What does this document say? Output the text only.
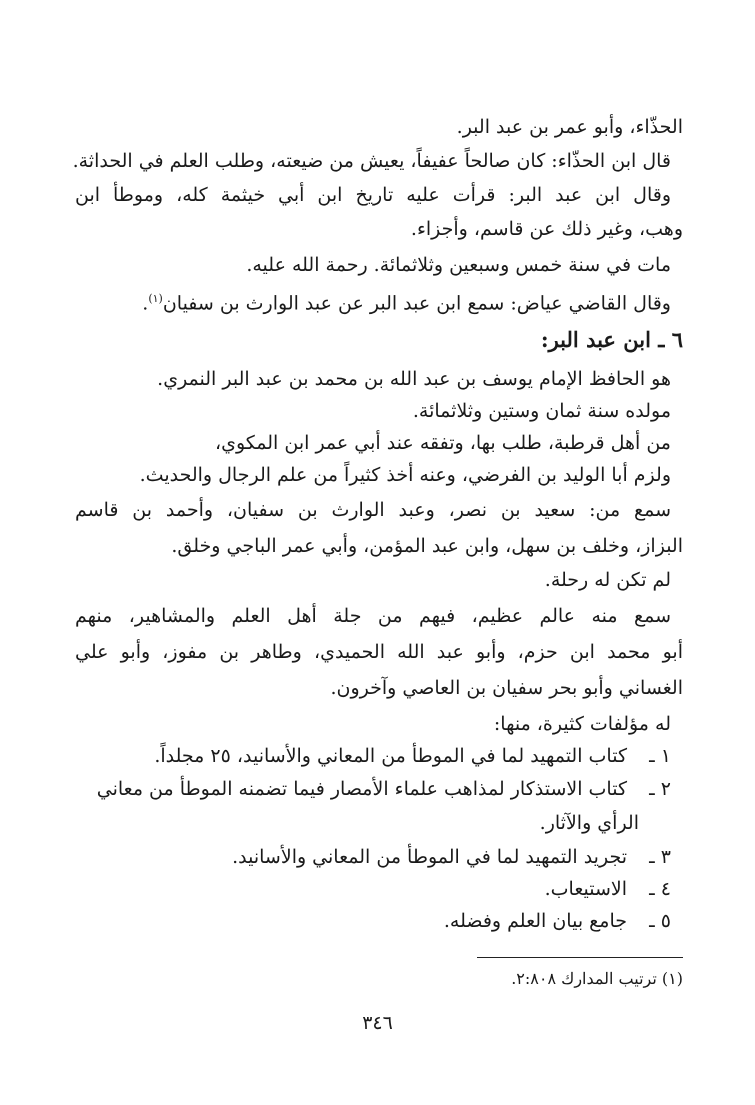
الحذّاء، وأبو عمر بن عبد البر.
قال ابن الحذّاء: كان صالحاً عفيفاً، يعيش من ضيعته، وطلب العلم في الحداثة.
وقال ابن عبد البر: قرأت عليه تاريخ ابن أبي خيثمة كله، وموطأ ابن
وهب، وغير ذلك عن قاسم، وأجزاء.
مات في سنة خمس وسبعين وثلاثمائة. رحمة الله عليه.
وقال القاضي عياض: سمع ابن عبد البر عن عبد الوارث بن سفيان$^{(١)}$.
٦ ـ ابن عبد البر:
هو الحافظ الإمام يوسف بن عبد الله بن محمد بن عبد البر النمري.
مولده سنة ثمان وستين وثلاثمائة.
من أهل قرطبة، طلب بها، وتفقه عند أبي عمر ابن المكوي،
ولزم أبا الوليد بن الفرضي، وعنه أخذ كثيراً من علم الرجال والحديث.
سمع من: سعيد بن نصر، وعبد الوارث بن سفيان، وأحمد بن قاسم
البزاز، وخلف بن سهل، وابن عبد المؤمن، وأبي عمر الباجي وخلق.
لم تكن له رحلة.
سمع منه عالم عظيم، فيهم من جلة أهل العلم والمشاهير، منهم
أبو محمد ابن حزم، وأبو عبد الله الحميدي، وطاهر بن مفوز، وأبو علي
الغساني وأبو بحر سفيان بن العاصي وآخرون.
له مؤلفات كثيرة، منها:
١ ـكتاب التمهيد لما في الموطأ من المعاني والأسانيد، ٢٥ مجلداً.
٢ ـكتاب الاستذكار لمذاهب علماء الأمصار فيما تضمنه الموطأ من معاني
الرأي والآثار.
٣ ـتجريد التمهيد لما في الموطأ من المعاني والأسانيد.
٤ ـالاستيعاب.
٥ ـجامع بيان العلم وفضله.
(١) ترتيب المدارك ٢:٨٠٨.
٣٤٦
